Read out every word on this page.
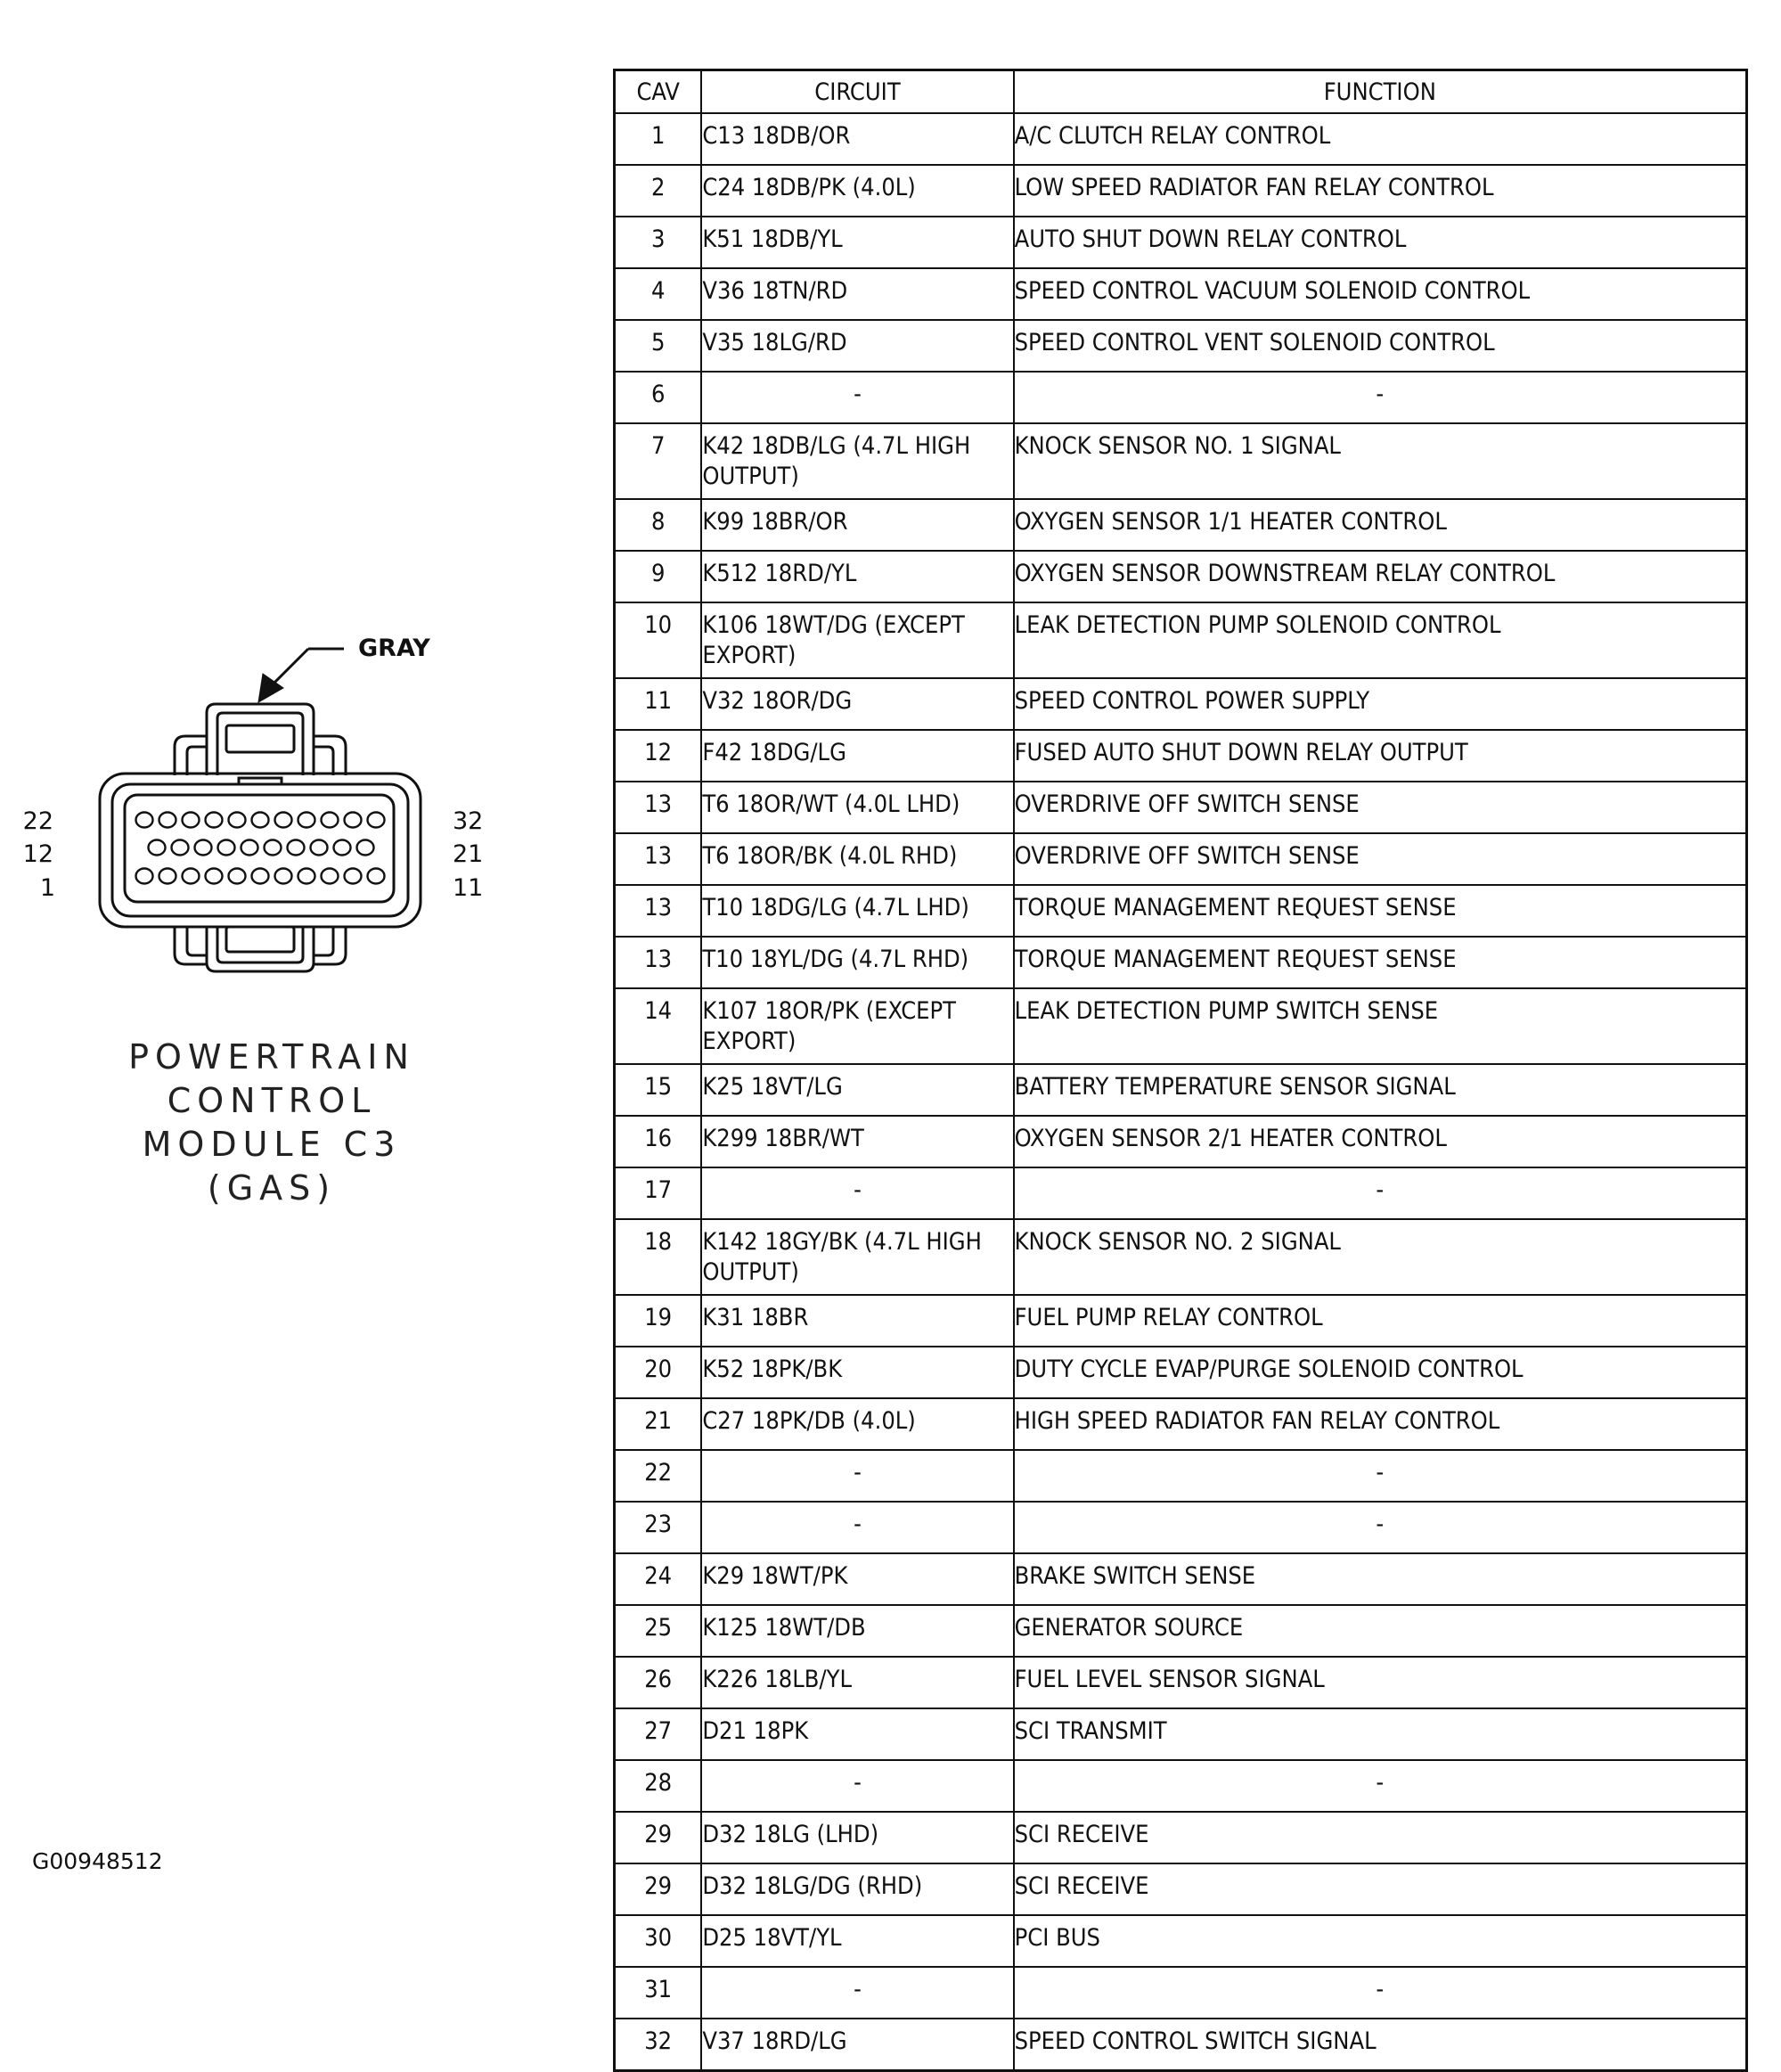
GRAY
22
12
1
32
21
11
POWERTRAIN
CONTROL
MODULE C3
(GAS)
G00948512
CAV	CIRCUIT	FUNCTION
1	C13 18DB/OR	A/C CLUTCH RELAY CONTROL
2	C24 18DB/PK (4.0L)	LOW SPEED RADIATOR FAN RELAY CONTROL
3	K51 18DB/YL	AUTO SHUT DOWN RELAY CONTROL
4	V36 18TN/RD	SPEED CONTROL VACUUM SOLENOID CONTROL
5	V35 18LG/RD	SPEED CONTROL VENT SOLENOID CONTROL
6	-	-
7	K42 18DB/LG (4.7L HIGH OUTPUT)	KNOCK SENSOR NO. 1 SIGNAL
8	K99 18BR/OR	OXYGEN SENSOR 1/1 HEATER CONTROL
9	K512 18RD/YL	OXYGEN SENSOR DOWNSTREAM RELAY CONTROL
10	K106 18WT/DG (EXCEPT EXPORT)	LEAK DETECTION PUMP SOLENOID CONTROL
11	V32 18OR/DG	SPEED CONTROL POWER SUPPLY
12	F42 18DG/LG	FUSED AUTO SHUT DOWN RELAY OUTPUT
13	T6 18OR/WT (4.0L LHD)	OVERDRIVE OFF SWITCH SENSE
13	T6 18OR/BK (4.0L RHD)	OVERDRIVE OFF SWITCH SENSE
13	T10 18DG/LG (4.7L LHD)	TORQUE MANAGEMENT REQUEST SENSE
13	T10 18YL/DG (4.7L RHD)	TORQUE MANAGEMENT REQUEST SENSE
14	K107 18OR/PK (EXCEPT EXPORT)	LEAK DETECTION PUMP SWITCH SENSE
15	K25 18VT/LG	BATTERY TEMPERATURE SENSOR SIGNAL
16	K299 18BR/WT	OXYGEN SENSOR 2/1 HEATER CONTROL
17	-	-
18	K142 18GY/BK (4.7L HIGH OUTPUT)	KNOCK SENSOR NO. 2 SIGNAL
19	K31 18BR	FUEL PUMP RELAY CONTROL
20	K52 18PK/BK	DUTY CYCLE EVAP/PURGE SOLENOID CONTROL
21	C27 18PK/DB (4.0L)	HIGH SPEED RADIATOR FAN RELAY CONTROL
22	-	-
23	-	-
24	K29 18WT/PK	BRAKE SWITCH SENSE
25	K125 18WT/DB	GENERATOR SOURCE
26	K226 18LB/YL	FUEL LEVEL SENSOR SIGNAL
27	D21 18PK	SCI TRANSMIT
28	-	-
29	D32 18LG (LHD)	SCI RECEIVE
29	D32 18LG/DG (RHD)	SCI RECEIVE
30	D25 18VT/YL	PCI BUS
31	-	-
32	V37 18RD/LG	SPEED CONTROL SWITCH SIGNAL
